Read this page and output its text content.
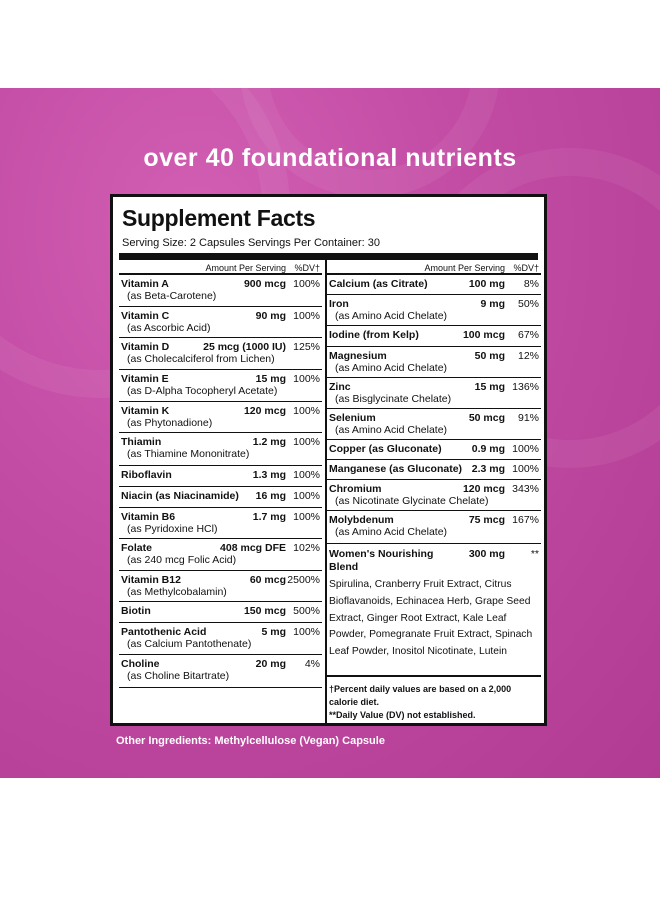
over 40 foundational nutrients
Supplement Facts
Serving Size: 2 Capsules Servings Per Container: 30
Amount Per Serving %DV†
Vitamin A	900 mcg 100%
(as Beta-Carotene)
Vitamin C	90 mg 100%
(as Ascorbic Acid)
Vitamin D	25 mcg (1000 IU) 125%
(as Cholecalciferol from Lichen)
Vitamin E	15 mg 100%
(as D-Alpha Tocopheryl Acetate)
Vitamin K	120 mcg 100%
(as Phytonadione)
Thiamin	1.2 mg 100%
(as Thiamine Mononitrate)
Riboflavin	1.3 mg 100%
Niacin (as Niacinamide) 16 mg 100%
Vitamin B6	1.7 mg 100%
(as Pyridoxine HCl)
Folate	408 mcg DFE 102%
(as 240 mcg Folic Acid)
Vitamin B12	60 mcg 2500%
(as Methylcobalamin)
Biotin	150 mcg 500%
Pantothenic Acid	5 mg 100%
(as Calcium Pantothenate)
Choline	20 mg 4%
(as Choline Bitartrate)
Amount Per Serving %DV†
Calcium (as Citrate)	100 mg 8%
Iron	9 mg 50%
(as Amino Acid Chelate)
Iodine (from Kelp)	100 mcg 67%
Magnesium	50 mg 12%
(as Amino Acid Chelate)
Zinc	15 mg 136%
(as Bisglycinate Chelate)
Selenium	50 mcg 91%
(as Amino Acid Chelate)
Copper (as Gluconate)	0.9 mg 100%
Manganese (as Gluconate) 2.3 mg 100%
Chromium	120 mcg 343%
(as Nicotinate Glycinate Chelate)
Molybdenum	75 mcg 167%
(as Amino Acid Chelate)
Women's Nourishing Blend
300 mg **
Spirulina, Cranberry Fruit Extract, Citrus Bioflavanoids, Echinacea Herb, Grape Seed Extract, Ginger Root Extract, Kale Leaf Powder, Pomegranate Fruit Extract, Spinach Leaf Powder, Inositol Nicotinate, Lutein
†Percent daily values are based on a 2,000 calorie diet.
**Daily Value (DV) not established.
Other Ingredients: Methylcellulose (Vegan) Capsule
